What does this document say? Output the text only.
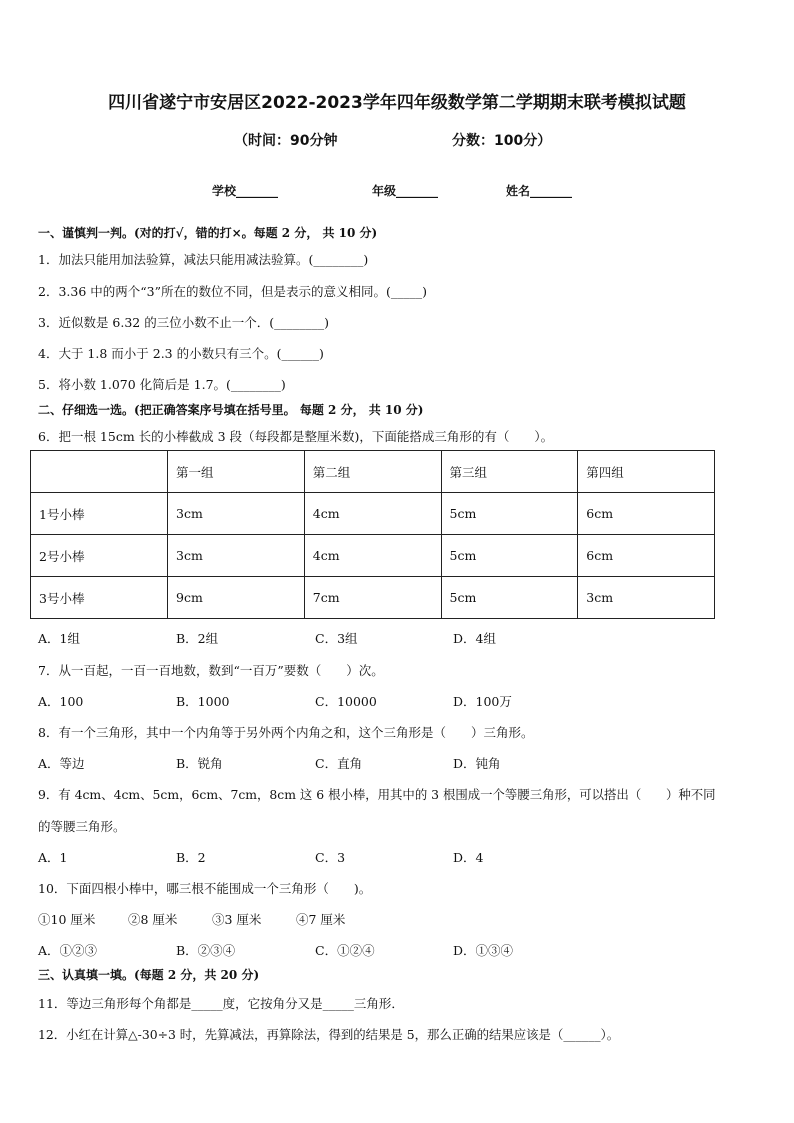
四川省遂宁市安居区2022-2023学年四年级数学第二学期期末联考模拟试题
（时间：90分钟	分数：100分）
学校_______	年级_______	姓名_______
一、谨慎判一判。(对的打√，错的打×。每题 2 分， 共 10 分)
1．加法只能用加法验算，减法只能用减法验算。(________)
2．3.36 中的两个“3”所在的数位不同，但是表示的意义相同。(_____)
3．近似数是 6.32 的三位小数不止一个．(________)
4．大于 1.8 而小于 2.3 的小数只有三个。(______)
5．将小数 1.070 化简后是 1.7。(________)
二、仔细选一选。(把正确答案序号填在括号里。 每题 2 分， 共 10 分)
6．把一根 15cm 长的小棒截成 3 段（每段都是整厘米数)，下面能搭成三角形的有（　　）。
	第一组	第二组	第三组	第四组
1号小棒	3cm	4cm	5cm	6cm
2号小棒	3cm	4cm	5cm	6cm
3号小棒	9cm	7cm	5cm	3cm
A．1组	B．2组	C．3组	D．4组
7．从一百起，一百一百地数，数到“一百万”要数（　　）次。
A．100	B．1000	C．10000	D．100万
8．有一个三角形，其中一个内角等于另外两个内角之和，这个三角形是（　　）三角形。
A．等边	B．锐角	C．直角	D．钝角
9．有 4cm、4cm、5cm，6cm、7cm，8cm 这 6 根小棒，用其中的 3 根围成一个等腰三角形，可以搭出（　　）种不同
的等腰三角形。
A．1	B．2	C．3	D．4
10．下面四根小棒中，哪三根不能围成一个三角形（　　)。
①10 厘米	②8 厘米	③3 厘米	④7 厘米
A．①②③	B．②③④	C．①②④	D．①③④
三、认真填一填。(每题 2 分，共 20 分)
11．等边三角形每个角都是_____度，它按角分又是_____三角形．
12．小红在计算△-30÷3 时，先算减法，再算除法，得到的结果是 5，那么正确的结果应该是（______）。
